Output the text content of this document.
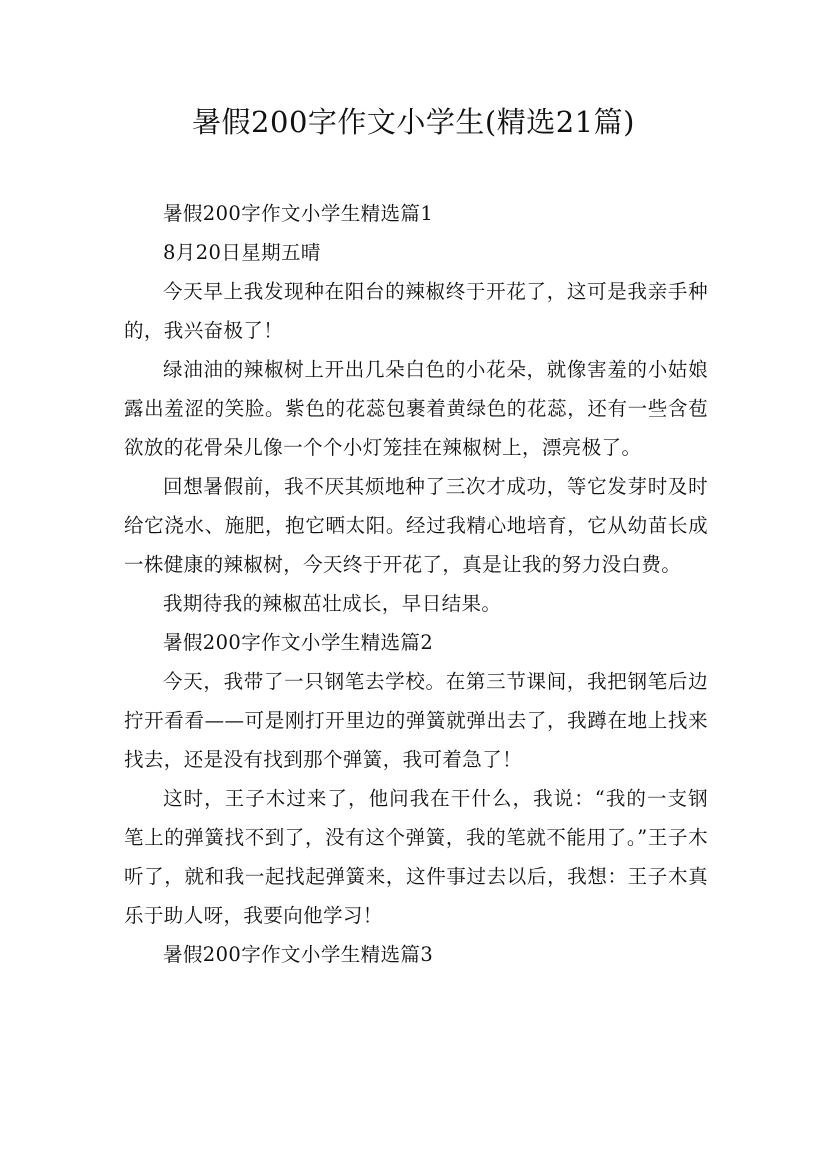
暑假200字作文小学生(精选21篇)

暑假200字作文小学生精选篇1

8月20日星期五晴

今天早上我发现种在阳台的辣椒终于开花了，这可是我亲手种的，我兴奋极了！

绿油油的辣椒树上开出几朵白色的小花朵，就像害羞的小姑娘露出羞涩的笑脸。紫色的花蕊包裹着黄绿色的花蕊，还有一些含苞欲放的花骨朵儿像一个个小灯笼挂在辣椒树上，漂亮极了。

回想暑假前，我不厌其烦地种了三次才成功，等它发芽时及时给它浇水、施肥，抱它晒太阳。经过我精心地培育，它从幼苗长成一株健康的辣椒树，今天终于开花了，真是让我的努力没白费。

我期待我的辣椒茁壮成长，早日结果。

暑假200字作文小学生精选篇2

今天，我带了一只钢笔去学校。在第三节课间，我把钢笔后边拧开看看——可是刚打开里边的弹簧就弹出去了，我蹲在地上找来找去，还是没有找到那个弹簧，我可着急了！

这时，王子木过来了，他问我在干什么，我说：“我的一支钢笔上的弹簧找不到了，没有这个弹簧，我的笔就不能用了。”王子木听了，就和我一起找起弹簧来，这件事过去以后，我想：王子木真乐于助人呀，我要向他学习！

暑假200字作文小学生精选篇3
